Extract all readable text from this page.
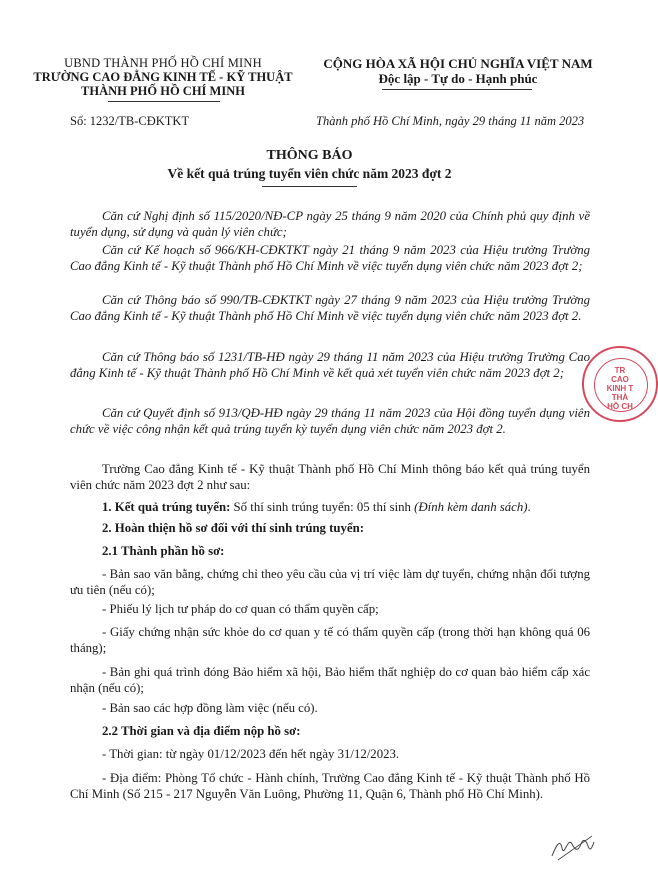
UBND THÀNH PHỐ HỒ CHÍ MINH
TRƯỜNG CAO ĐẲNG KINH TẾ - KỸ THUẬT
THÀNH PHỐ HỒ CHÍ MINH
CỘNG HÒA XÃ HỘI CHỦ NGHĨA VIỆT NAM
Độc lập - Tự do - Hạnh phúc
Số: 1232/TB-CĐKTKT	Thành phố Hồ Chí Minh, ngày 29 tháng 11 năm 2023
THÔNG BÁO
Về kết quả trúng tuyển viên chức năm 2023 đợt 2
Căn cứ Nghị định số 115/2020/NĐ-CP ngày 25 tháng 9 năm 2020 của Chính phủ quy định về tuyển dụng, sử dụng và quản lý viên chức;
Căn cứ Kế hoạch số 966/KH-CĐKTKT ngày 21 tháng 9 năm 2023 của Hiệu trưởng Trường Cao đẳng Kinh tế - Kỹ thuật Thành phố Hồ Chí Minh về việc tuyển dụng viên chức năm 2023 đợt 2;
Căn cứ Thông báo số 990/TB-CĐKTKT ngày 27 tháng 9 năm 2023 của Hiệu trưởng Trường Cao đẳng Kinh tế - Kỹ thuật Thành phố Hồ Chí Minh về việc tuyển dụng viên chức năm 2023 đợt 2.
Căn cứ Thông báo số 1231/TB-HĐ ngày 29 tháng 11 năm 2023 của Hiệu trưởng Trường Cao đẳng Kinh tế - Kỹ thuật Thành phố Hồ Chí Minh về kết quả xét tuyển viên chức năm 2023 đợt 2;
Căn cứ Quyết định số 913/QĐ-HĐ ngày 29 tháng 11 năm 2023 của Hội đồng tuyển dụng viên chức về việc công nhận kết quả trúng tuyển kỳ tuyển dụng viên chức năm 2023 đợt 2.
Trường Cao đẳng Kinh tế - Kỹ thuật Thành phố Hồ Chí Minh thông báo kết quả trúng tuyển viên chức năm 2023 đợt 2 như sau:
1. Kết quả trúng tuyển: Số thí sinh trúng tuyển: 05 thí sinh (Đính kèm danh sách).
2. Hoàn thiện hồ sơ đối với thí sinh trúng tuyển:
2.1 Thành phần hồ sơ:
- Bản sao văn bằng, chứng chỉ theo yêu cầu của vị trí việc làm dự tuyển, chứng nhận đối tượng ưu tiên (nếu có);
- Phiếu lý lịch tư pháp do cơ quan có thẩm quyền cấp;
- Giấy chứng nhận sức khỏe do cơ quan y tế có thẩm quyền cấp (trong thời hạn không quá 06 tháng);
- Bản ghi quá trình đóng Bảo hiểm xã hội, Bảo hiểm thất nghiệp do cơ quan bảo hiểm cấp xác nhận (nếu có);
- Bản sao các hợp đồng làm việc (nếu có).
2.2 Thời gian và địa điểm nộp hồ sơ:
- Thời gian: từ ngày 01/12/2023 đến hết ngày 31/12/2023.
- Địa điểm: Phòng Tổ chức - Hành chính, Trường Cao đẳng Kinh tế - Kỹ thuật Thành phố Hồ Chí Minh (Số 215 - 217 Nguyễn Văn Luông, Phường 11, Quận 6, Thành phố Hồ Chí Minh).
TR
CAO
KINH T
THÀ
HỒ CH
